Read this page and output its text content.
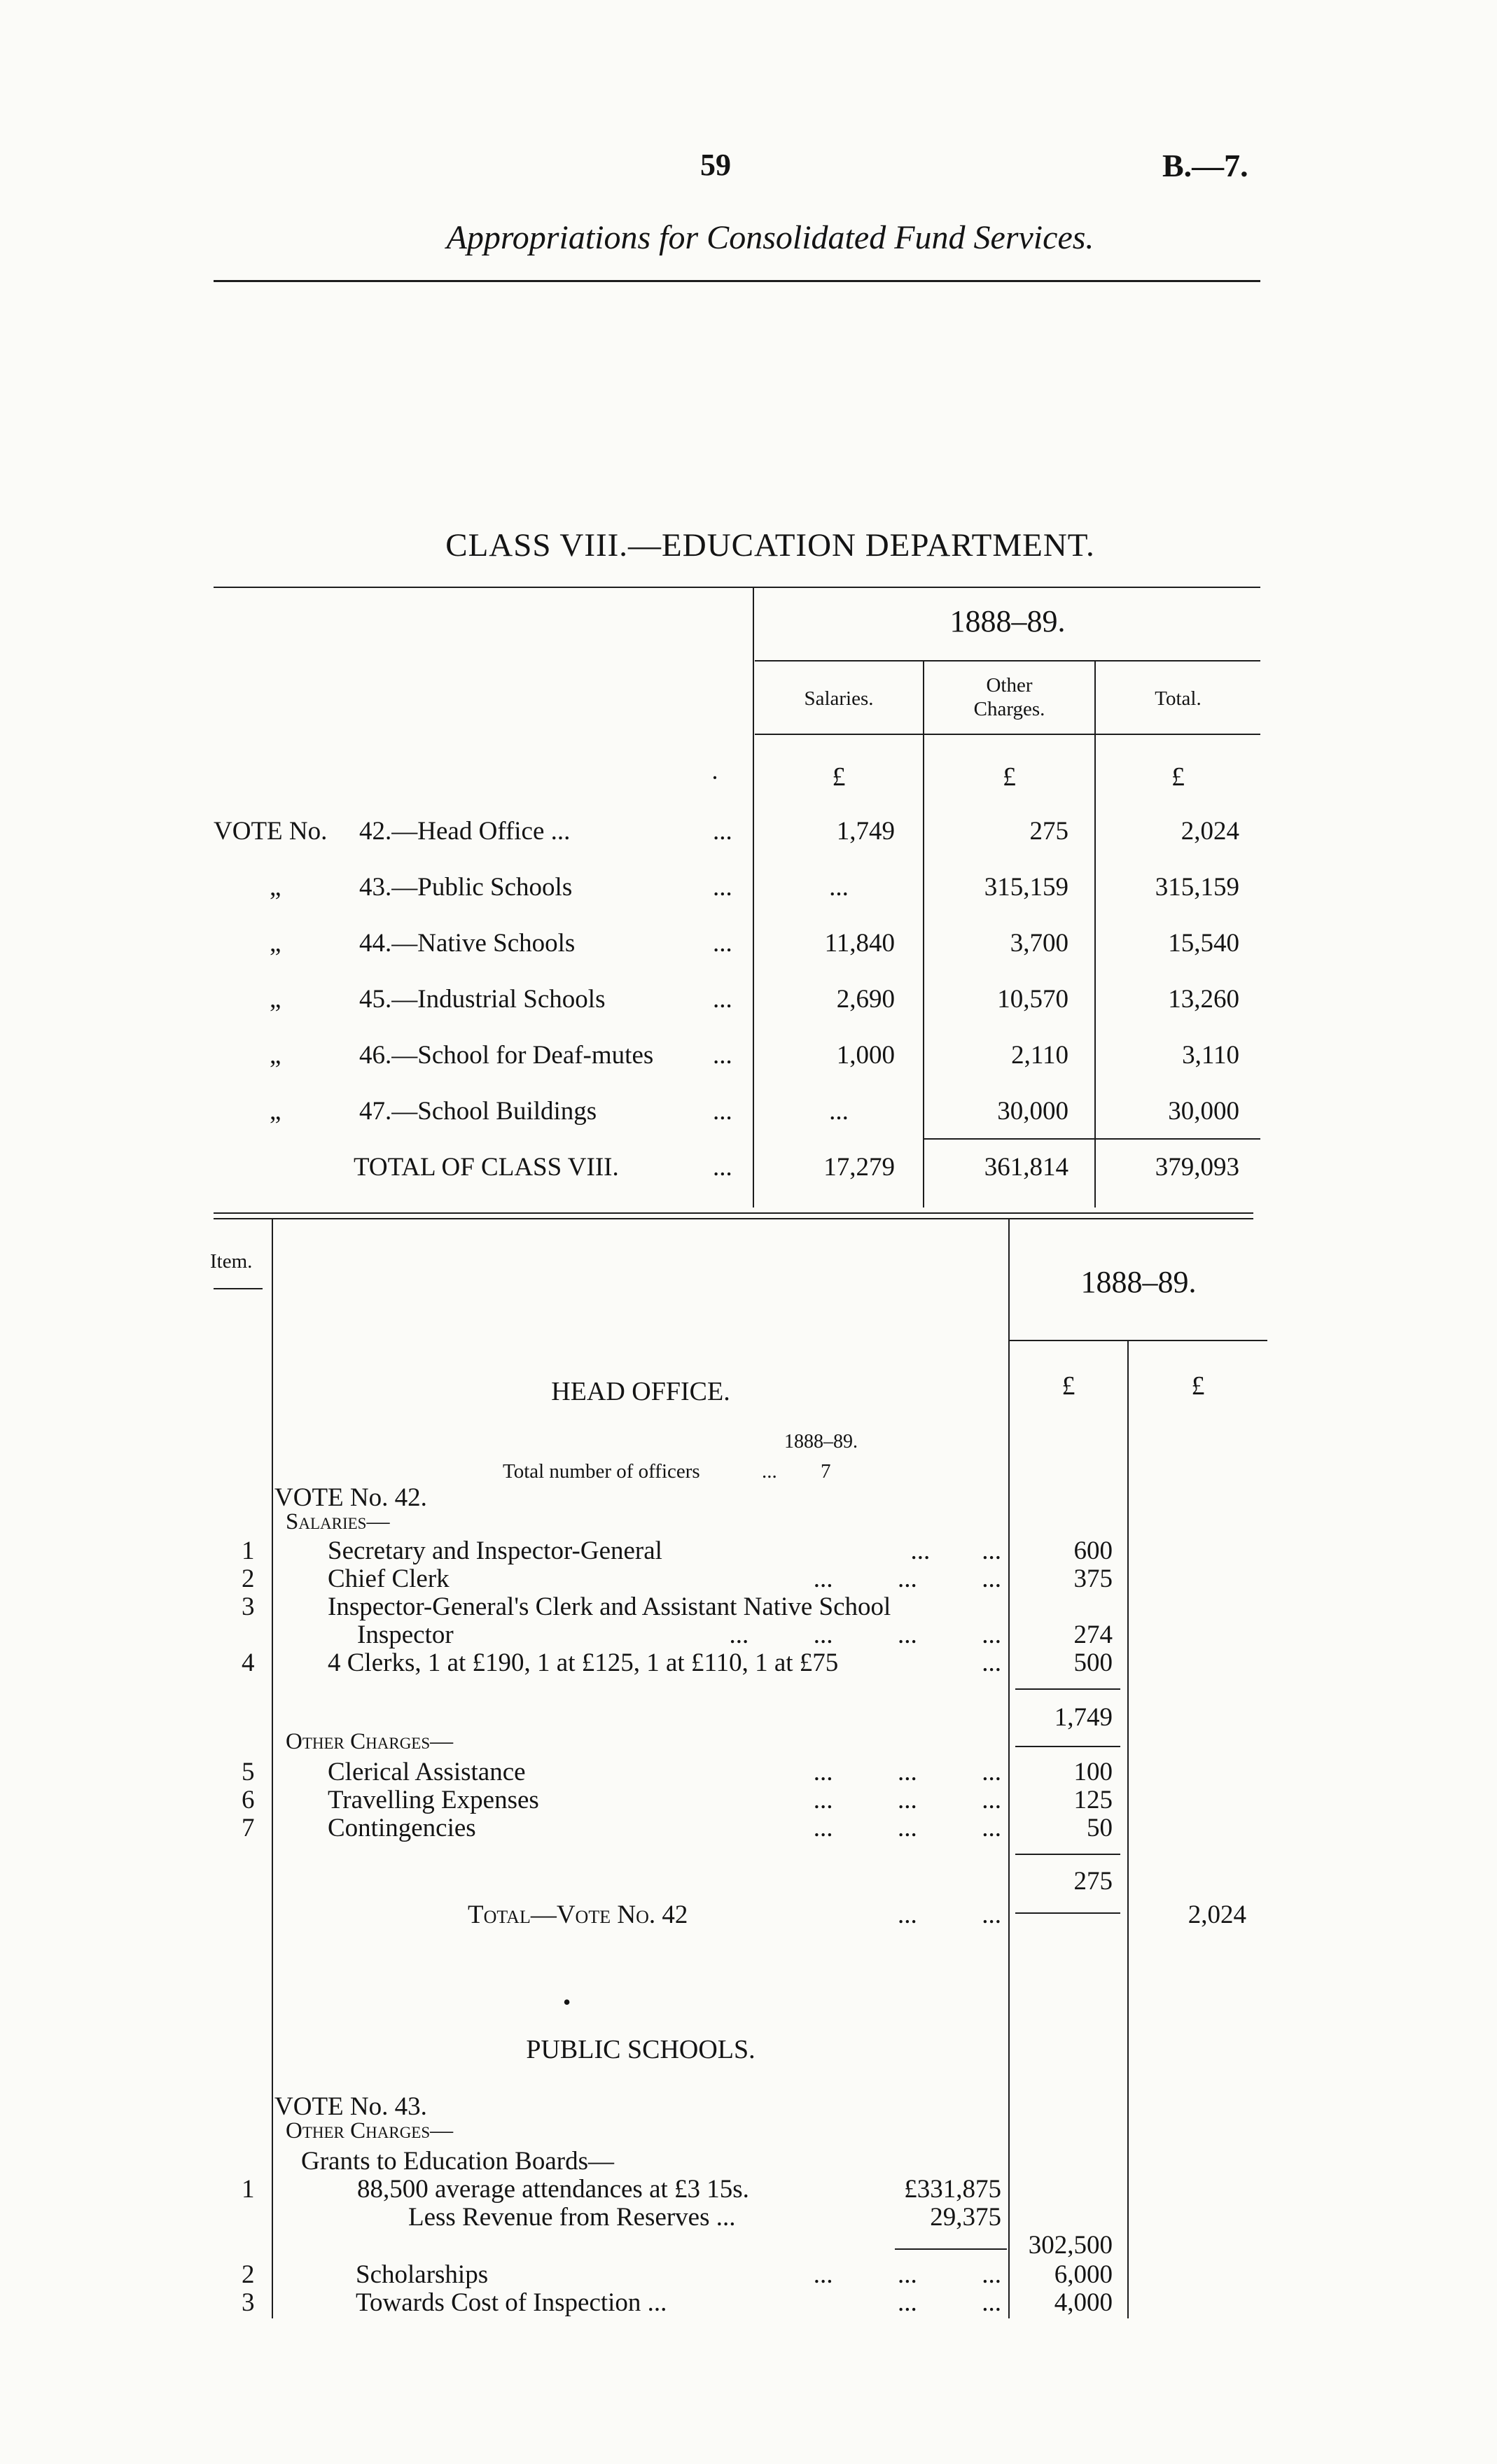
59	B.—7.
Appropriations for Consolidated Fund Services.
CLASS VIII.—EDUCATION DEPARTMENT.
1888–89.
Salaries.
Other
Charges.	Total.
·	£	£	£
VOTE No. 42.—Head Office ...	...	1,749	275	2,024
„	43.—Public Schools	...	...	315,159	315,159
„	44.—Native Schools	...	11,840	3,700	15,540
„	45.—Industrial Schools	...	2,690	10,570	13,260
„	46.—School for Deaf-mutes ...	1,000	2,110	3,110
„	47.—School Buildings	...	...	30,000	30,000
TOTAL OF CLASS VIII.	...	17,279	361,814	379,093
Item.
1888–89.
£	£
HEAD OFFICE.
1888–89.
Total number of officers	... 7
VOTE No. 42.
Salaries—
1	Secretary and Inspector-General	...        ...	600
2	Chief Clerk	...          ...          ...	375
3	Inspector-General's Clerk and Assistant Native School
Inspector	...          ...          ...          ...	274
4	4 Clerks, 1 at £190, 1 at £125, 1 at £110, 1 at £75	...	500
1,749
Other Charges—
5	Clerical Assistance	...          ...          ...	100
6	Travelling Expenses	...          ...          ...	125
7	Contingencies	...          ...          ...	50
275
Total—Vote No. 42	...          ...	2,024
•
PUBLIC SCHOOLS.
VOTE No. 43.
Other Charges—
Grants to Education Boards—
1	88,500 average attendances at £3 15s.	£331,875
Less Revenue from Reserves ...	29,375
302,500
2	Scholarships	...          ...          ...	6,000
3	Towards Cost of Inspection ...	...          ...	4,000
